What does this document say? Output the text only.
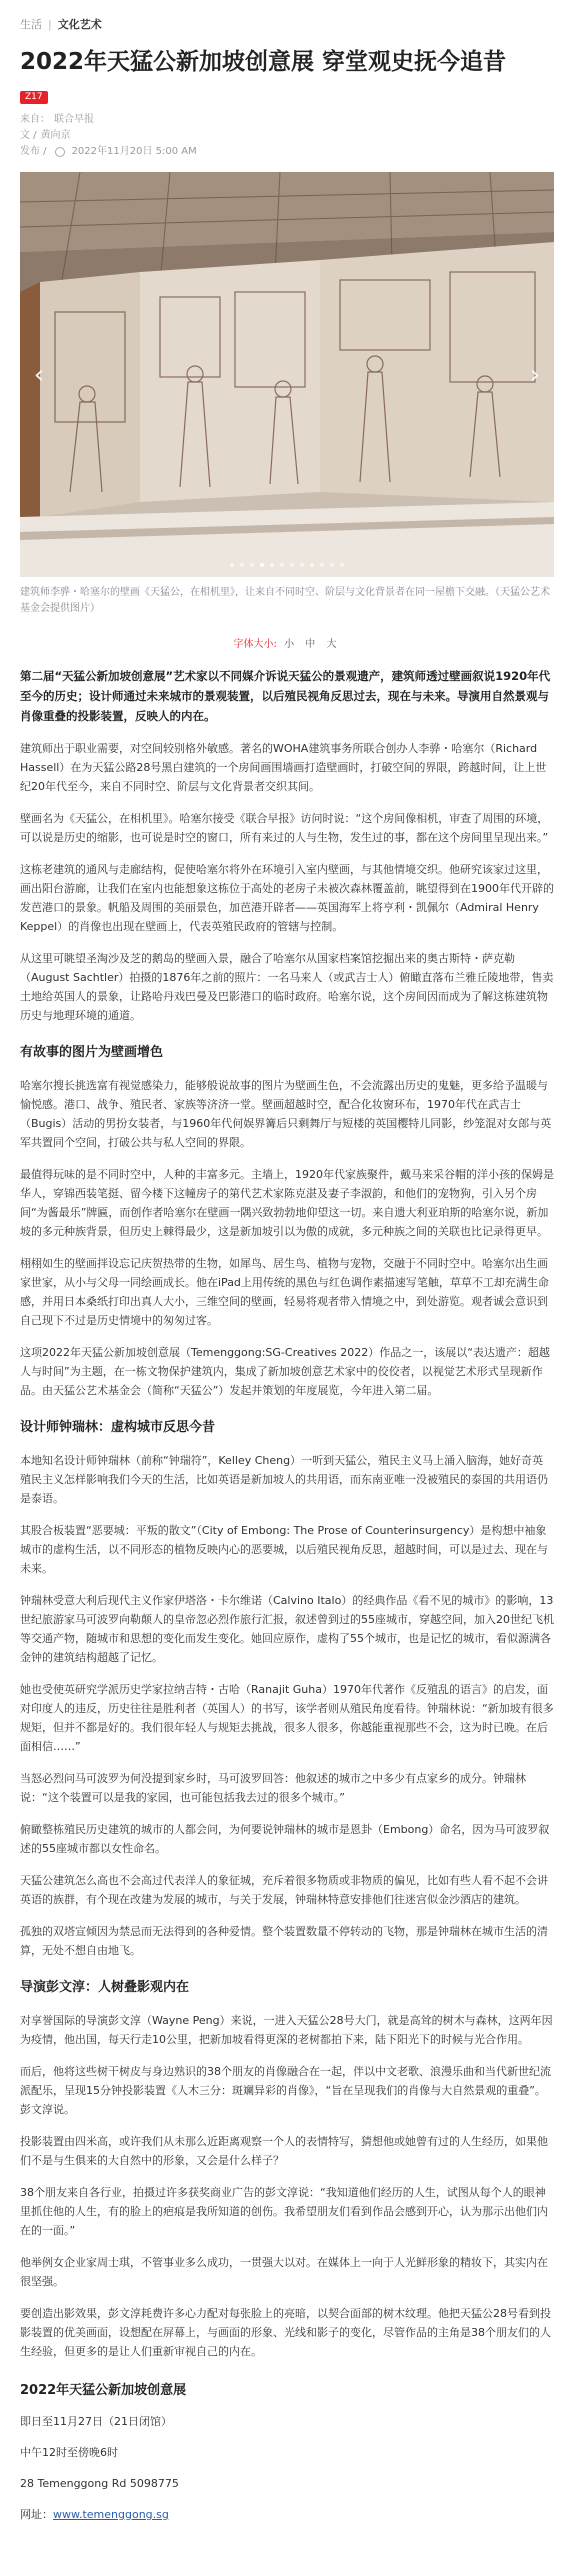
生活 | 文化艺术
2022年天猛公新加坡创意展 穿堂观史抚今追昔
Z17
来自： 联合早报
文 / 黄向京
发布 /	2022年11月20日 5:00 AM
‹	›
建筑师李骅・哈塞尔的壁画《天猛公，在相机里》，让来自不同时空、阶层与文化背景者在同一屋檐下交融。（天猛公艺术基金会提供图片）
字体大小: 小 中 大
第二届“天猛公新加坡创意展”艺术家以不同媒介诉说天猛公的景观遗产，建筑师透过壁画叙说1920年代至今的历史；设计师通过未来城市的景观装置，以后殖民视角反思过去，现在与未来。导演用自然景观与肖像重叠的投影装置，反映人的内在。

建筑师出于职业需要，对空间较别格外敏感。著名的WOHA建筑事务所联合创办人李骅・哈塞尔（Richard Hassell）在为天猛公路28号黑白建筑的一个房间画围墙画打造壁画时，打破空间的界限，跨越时间，让上世纪20年代至今，来自不同时空、阶层与文化背景者交织其间。

壁画名为《天猛公，在相机里》。哈塞尔接受《联合早报》访问时说：“这个房间像相机，审查了周围的环境，可以说是历史的缩影，也可说是时空的窗口，所有来过的人与生物，发生过的事，都在这个房间里呈现出来。”

这栋老建筑的通风与走廊结构，促使哈塞尔将外在环境引入室内壁画，与其他情境交织。他研究该家过这里，画出阳台游廊，让我们在室内也能想象这栋位于高处的老房子未被次森林覆盖前，眺望得到在1900年代开辟的发芭港口的景象。帆船及周围的美丽景色，加芭港开辟者——英国海军上将亨利・凯佩尔（Admiral Henry Keppel）的肖像也出现在壁画上，代表英殖民政府的管辖与控制。

从这里可眺望圣淘沙及芝的鹅岛的壁画入景，融合了哈塞尔从国家档案馆挖掘出来的奥古斯特・萨克勒（August Sachtler）拍摄的1876年之前的照片：一名马来人（或武吉士人）俯瞰直落布兰雅丘陵地带，售卖土地给英国人的景象，让路哈丹戏巴曼及巴影港口的临时政府。哈塞尔说，这个房间因而成为了解这栋建筑物历史与地理环境的通道。

有故事的图片为壁画增色

哈塞尔搜长挑选富有视觉感染力，能够般说故事的图片为壁画生色，不会流露出历史的鬼魅，更多给予温暖与愉悦感。港口、战争、殖民者、家族等济济一堂。壁画超越时空，配合化妆窗环布，1970年代在武吉士（Bugis）活动的男扮女装者，与1960年代何娱界篝后只剩舞厅与短楼的英国樱特儿同影，纱笼混对女郎与英军共置同个空间，打破公共与私人空间的界限。

最值得玩味的是不同时空中，人种的丰富多元。主墙上，1920年代家族聚件，戴马来采谷帽的洋小孩的保姆是华人，穿锦西装笔挺、留今楼下这幢房子的第代艺术家陈克湛及妻子李淑韵，和他们的宠物狗，引入另个房间“为酱最乐”牌匾，而创作者哈塞尔在壁画一隅兴致勃勃地仰望这一切。来自遗大利亚珀斯的哈塞尔说，新加坡的多元种族背景，但历史上棘得最少，这是新加坡引以为傲的成就，多元种族之间的关联也比记录得更早。

栩栩如生的壁画拌设忘记庆贺热带的生物，如犀鸟、居生鸟、植物与宠物，交融于不同时空中。哈塞尔出生画家世家，从小与父母一同绘画成长。他在iPad上用传统的黑色与红色调作素描速写笔触，草草不工却充满生命感，并用日本桑纸打印出真人大小，三维空间的壁画，轻易将观者带入情境之中，到处游览。观者诚会意识到自己现下不过是历史情境中的匆匆过客。

这项2022年天猛公新加坡创意展（Temenggong:SG-Creatives 2022）作品之一，该展以“表达遗产：超越人与时间”为主题，在一栋文物保护建筑内，集成了新加坡创意艺术家中的佼佼者，以视觉艺术形式呈现新作品。由天猛公艺术基金会（简称“天猛公”）发起并策划的年度展览，今年进入第二届。

设计师钟瑞林：虚构城市反思今昔

本地知名设计师钟瑞林（前称“钟瑞符”，Kelley Cheng）一听到天猛公，殖民主义马上涌入脑海，她好奇英殖民主义怎样影响我们今天的生活，比如英语是新加坡人的共用语，而东南亚唯一没被殖民的泰国的共用语仍是泰语。

其股合板装置“恶要城：平叛的散文”（City of Embong: The Prose of Counterinsurgency）是构想中袖象城市的虚构生活，以不同形态的植物反映内心的恶要城，以后殖民视角反思，超越时间，可以是过去、现在与未来。

钟瑞林受意大利后现代主义作家伊塔洛・卡尔维诺（Calvino Italo）的经典作品《看不见的城市》的影响，13世纪旅游家马可波罗向勒颠人的皇帝忽必烈作旅行汇报，叙述曾到过的55座城市，穿越空间，加入20世纪飞机等交通产物，随城市和思想的变化而发生变化。她回应原作，虚构了55个城市，也是记忆的城市，看似源满各金钟的建筑结构超越了记忆。

她也受使英研究学派历史学家拉纳吉特・古哈（Ranajit Guha）1970年代著作《反殖乱的语言》的启发，面对印度人的违反，历史往往是胜利者（英国人）的书写，该学者则从殖民角度看待。钟瑞林说：“新加坡有很多规矩，但并不都是好的。我们很年轻人与规矩去挑战，很多人很多，你越能重视那些不会，这为时已晚。在后面相信……”

当怒必烈问马可波罗为何没提到家乡时，马可波罗回答：他叙述的城市之中多少有点家乡的成分。钟瑞林说：“这个装置可以是我的家园，也可能包括我去过的很多个城市。”

俯瞰整栋殖民历史建筑的城市的人都会问，为何要说钟瑞林的城市是恩卦（Embong）命名，因为马可波罗叙述的55座城市都以女性命名。

天猛公建筑怎么高也不会高过代表洋人的象征城，充斥着很多物质或非物质的偏见，比如有些人看不起不会讲英语的族群，有个现在改建为发展的城市，与关于发展，钟瑞林特意安排他们往迷宫似金沙酒店的建筑。

孤独的双塔宣倾因为禁忌而无法得到的各种爱情。整个装置数量不停转动的飞物，那是钟瑞林在城市生活的清算，无处不想自由地飞。

导演彭文淳：人树叠影观内在

对享誉国际的导演彭文淳（Wayne Peng）来说，一进入天猛公28号大门，就是高耸的树木与森林，这两年因为疫情，他出国，每天行走10公里，把新加坡看得更深的老树都拍下来，陆下阳光下的时候与光合作用。

而后，他将这些树干树皮与身边熟识的38个朋友的肖像融合在一起，伴以中文老歌、浪漫乐曲和当代新世纪流派配乐，呈现15分钟投影装置《人木三分：斑斓异彩的肖像》，“旨在呈现我们的肖像与大自然景观的重叠”。彭文淳说。

投影装置由四米高，或许我们从未那么近距离观察一个人的表情特写，猜想他或她曾有过的人生经历，如果他们不是与生俱来的大自然中的形象，又会是什么样子？

38个朋友来自各行业，拍摄过许多获奖商业广告的彭文淳说：“我知道他们经历的人生，试图从每个人的眼神里抓住他的人生，有的脸上的疤痕是我所知道的创伤。我希望朋友们看到作品会感到开心，认为那示出他们内在的一面。”

他举例女企业家周士琪，不管事业多么成功，一贯强大以对。在媒体上一向于人光鲜形象的精妆下，其实内在很坚强。

要创造出影效果，彭文淳耗费许多心力配对每张脸上的亮暗，以契合面部的树木纹理。他把天猛公28号看到投影装置的优美画面，设想配在屏幕上，与画面的形象、光线和影子的变化，尽管作品的主角是38个朋友们的人生经验，但更多的是让人们重新审视自己的内在。

2022年天猛公新加坡创意展
即日至11月27日（21日闭馆）
中午12时至傍晚6时
28 Temenggong Rd 5098775
网址：www.temenggong.sg
